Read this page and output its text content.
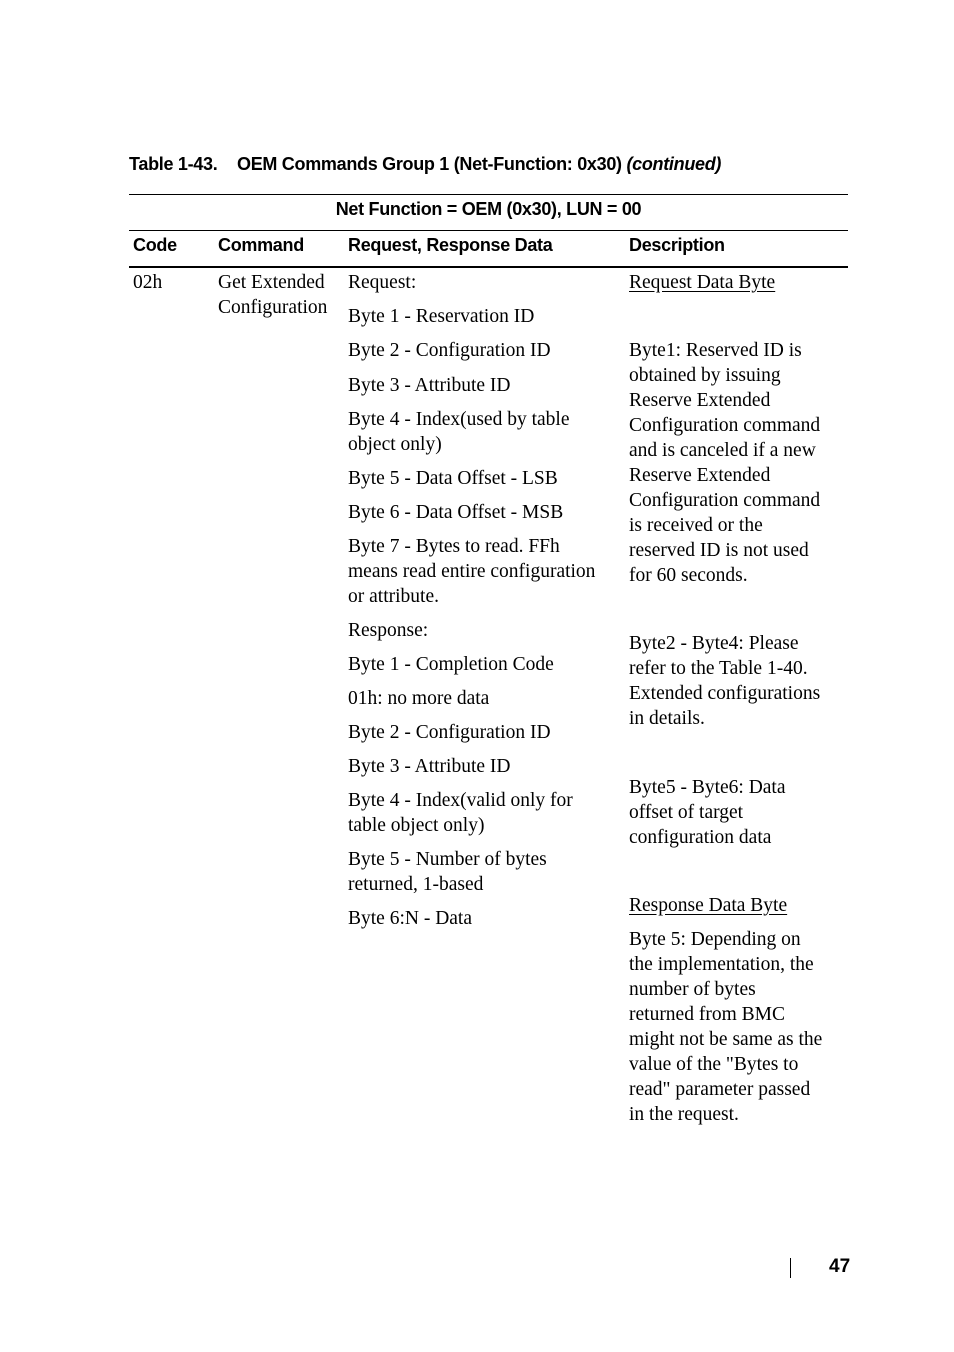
Table 1-43. OEM Commands Group 1 (Net-Function: 0x30) (continued)
Net Function = OEM (0x30), LUN = 00
Code Command Request, Response Data	Description
02h	Get Extended
Configuration
Request:
Byte 1 - Reservation ID
Byte 2 - Configuration ID
Byte 3 - Attribute ID
Byte 4 - Index(used by table
object only)
Byte 5 - Data Offset - LSB
Byte 6 - Data Offset - MSB
Byte 7 - Bytes to read. FFh
means read entire configuration
or attribute.
Response:
Byte 1 - Completion Code
01h: no more data
Byte 2 - Configuration ID
Byte 3 - Attribute ID
Byte 4 - Index(valid only for
table object only)
Byte 5 - Number of bytes
returned, 1-based
Byte 6:N - Data
Request Data Byte
Byte1: Reserved ID is
obtained by issuing
Reserve Extended
Configuration command
and is canceled if a new
Reserve Extended
Configuration command
is received or the
reserved ID is not used
for 60 seconds.
Byte2 - Byte4: Please
refer to the Table 1-40.
Extended configurations
in details.
Byte5 - Byte6: Data
offset of target
configuration data
Response Data Byte
Byte 5: Depending on
the implementation, the
number of bytes
returned from BMC
might not be same as the
value of the "Bytes to
read" parameter passed
in the request.
47
